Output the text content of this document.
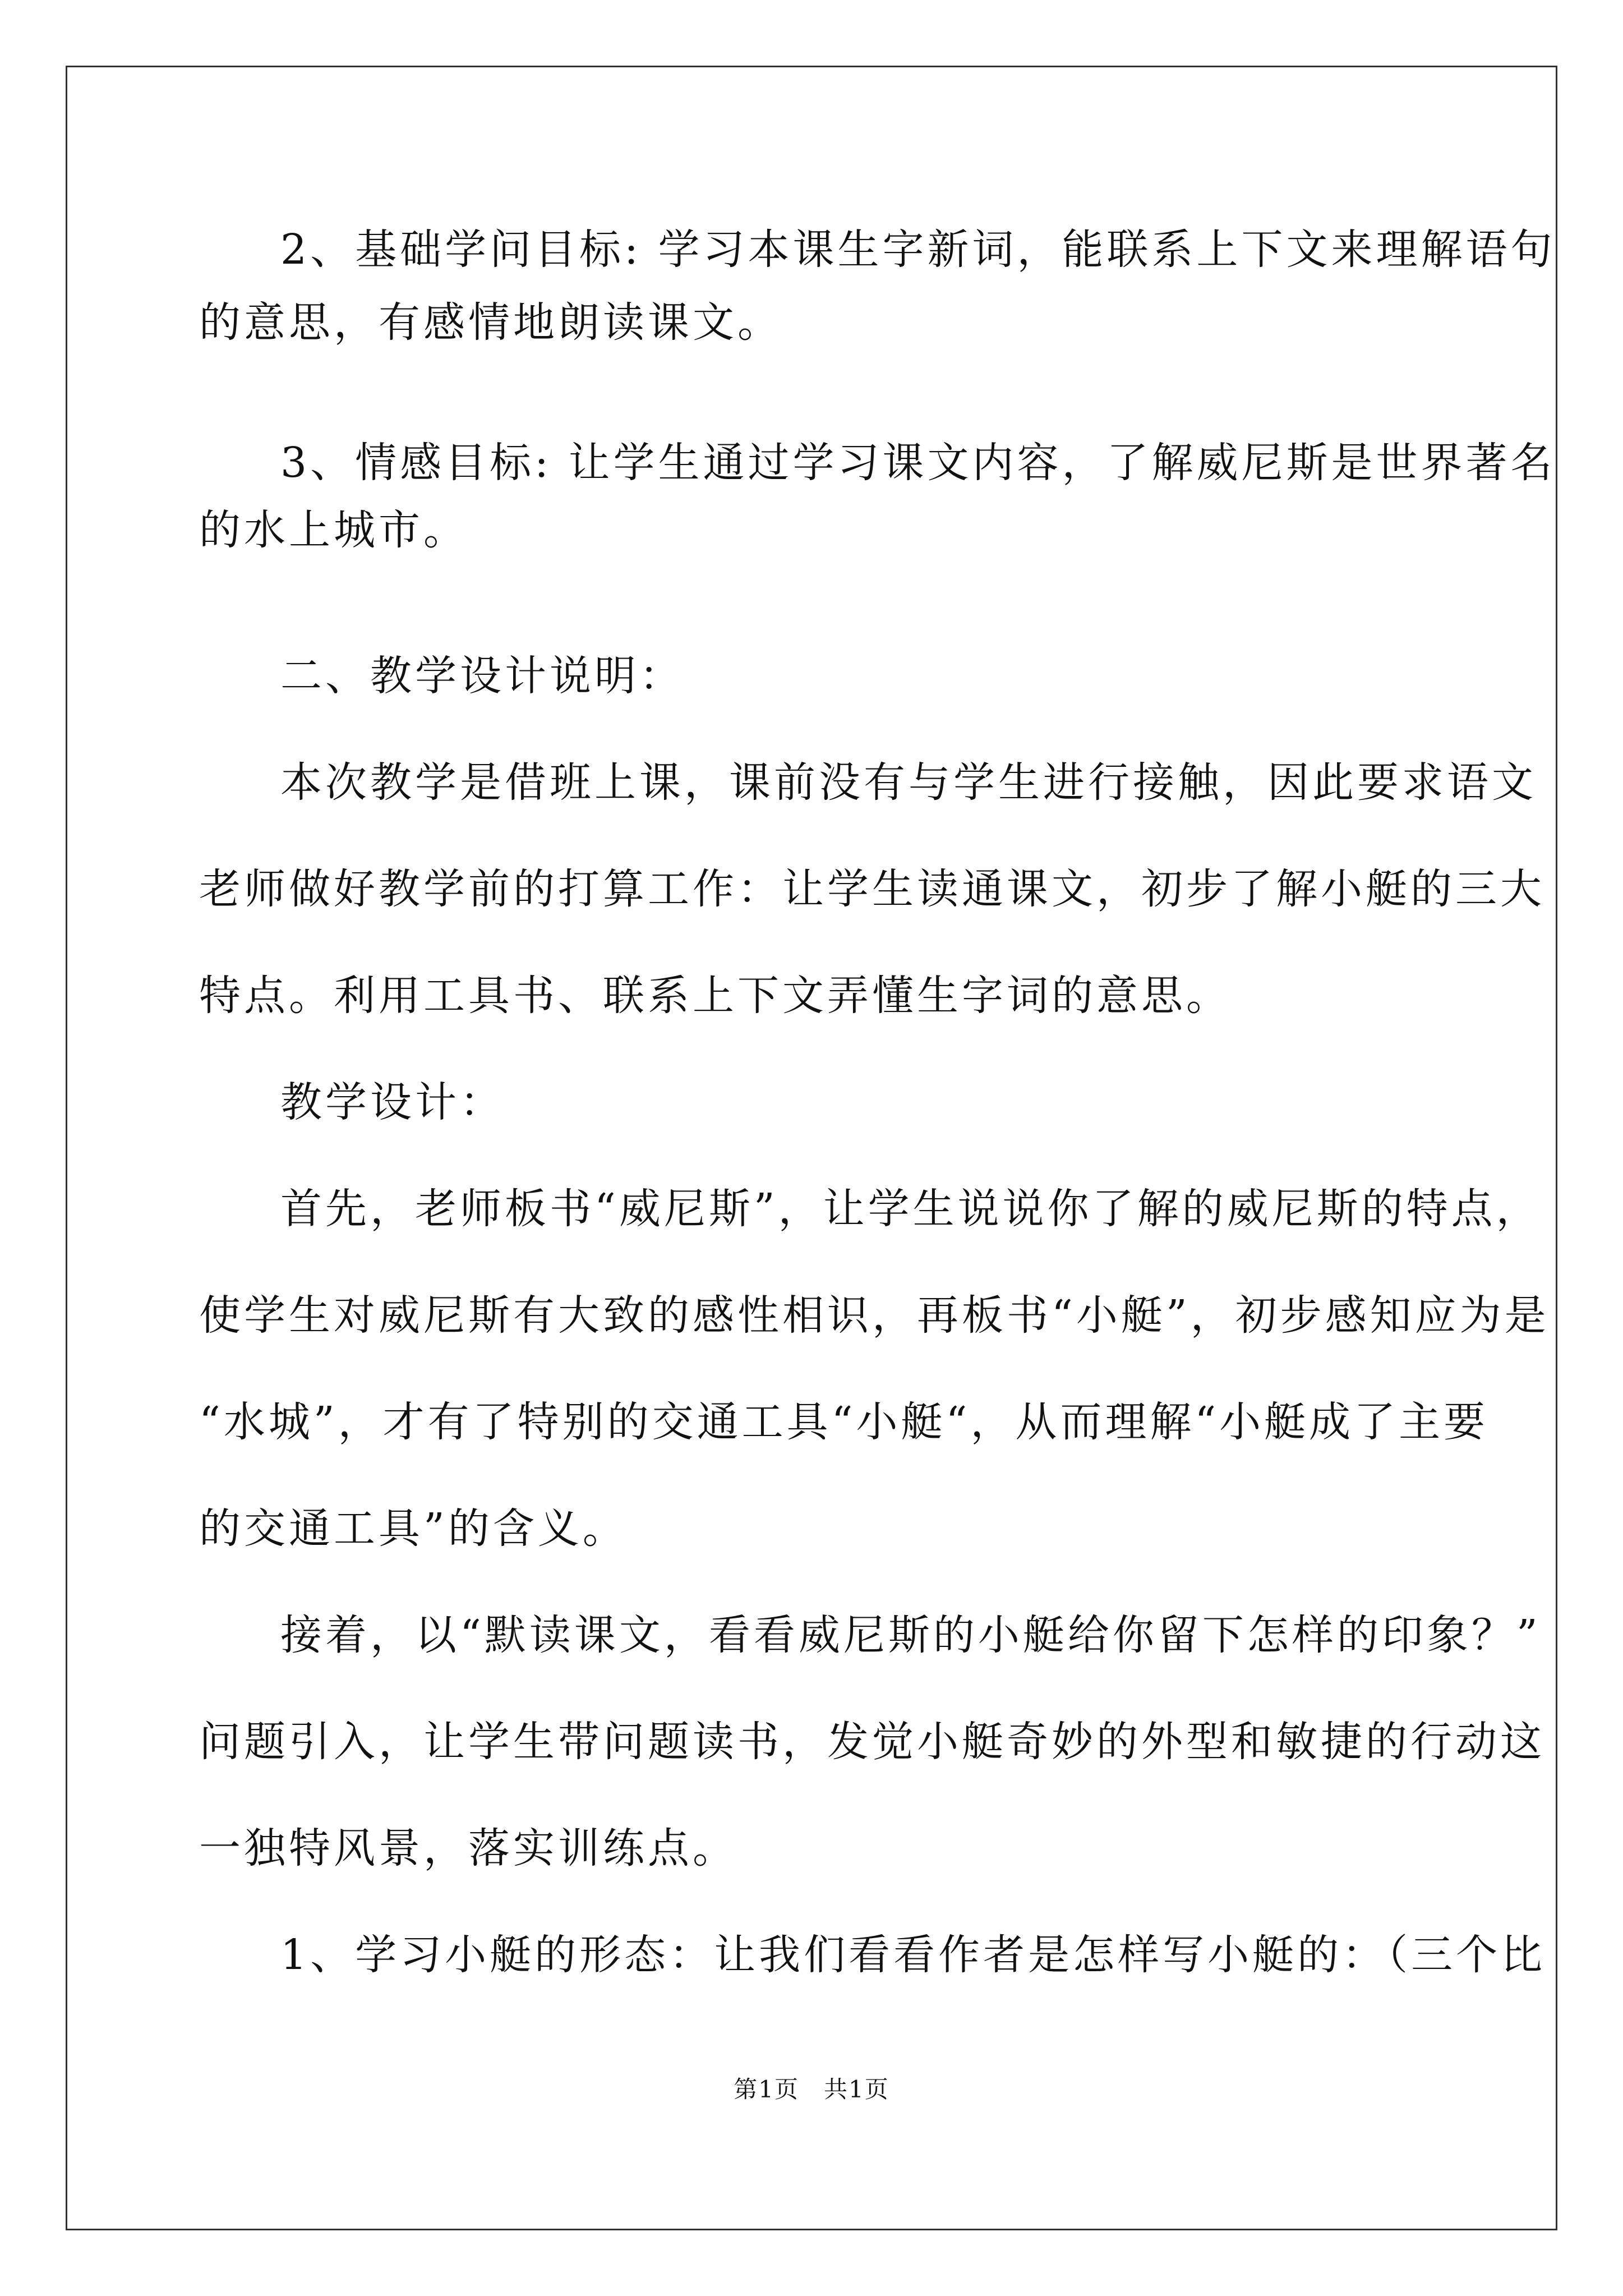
2、基础学问目标: 学习本课生字新词，能联系上下文来理解语句
的意思，有感情地朗读课文。
3、情感目标: 让学生通过学习课文内容，了解威尼斯是世界著名
的水上城市。
二、教学设计说明：
本次教学是借班上课，课前没有与学生进行接触，因此要求语文
老师做好教学前的打算工作：让学生读通课文，初步了解小艇的三大
特点。利用工具书、联系上下文弄懂生字词的意思。
教学设计：
首先，老师板书“威尼斯”，让学生说说你了解的威尼斯的特点，
使学生对威尼斯有大致的感性相识，再板书“小艇”，初步感知应为是
“水城”，才有了特别的交通工具“小艇“，从而理解“小艇成了主要
的交通工具”的含义。
接着，以“默读课文，看看威尼斯的小艇给你留下怎样的印象？”
问题引入，让学生带问题读书，发觉小艇奇妙的外型和敏捷的行动这
一独特风景，落实训练点。
1、学习小艇的形态：让我们看看作者是怎样写小艇的：（三个比
第1页　共1页
